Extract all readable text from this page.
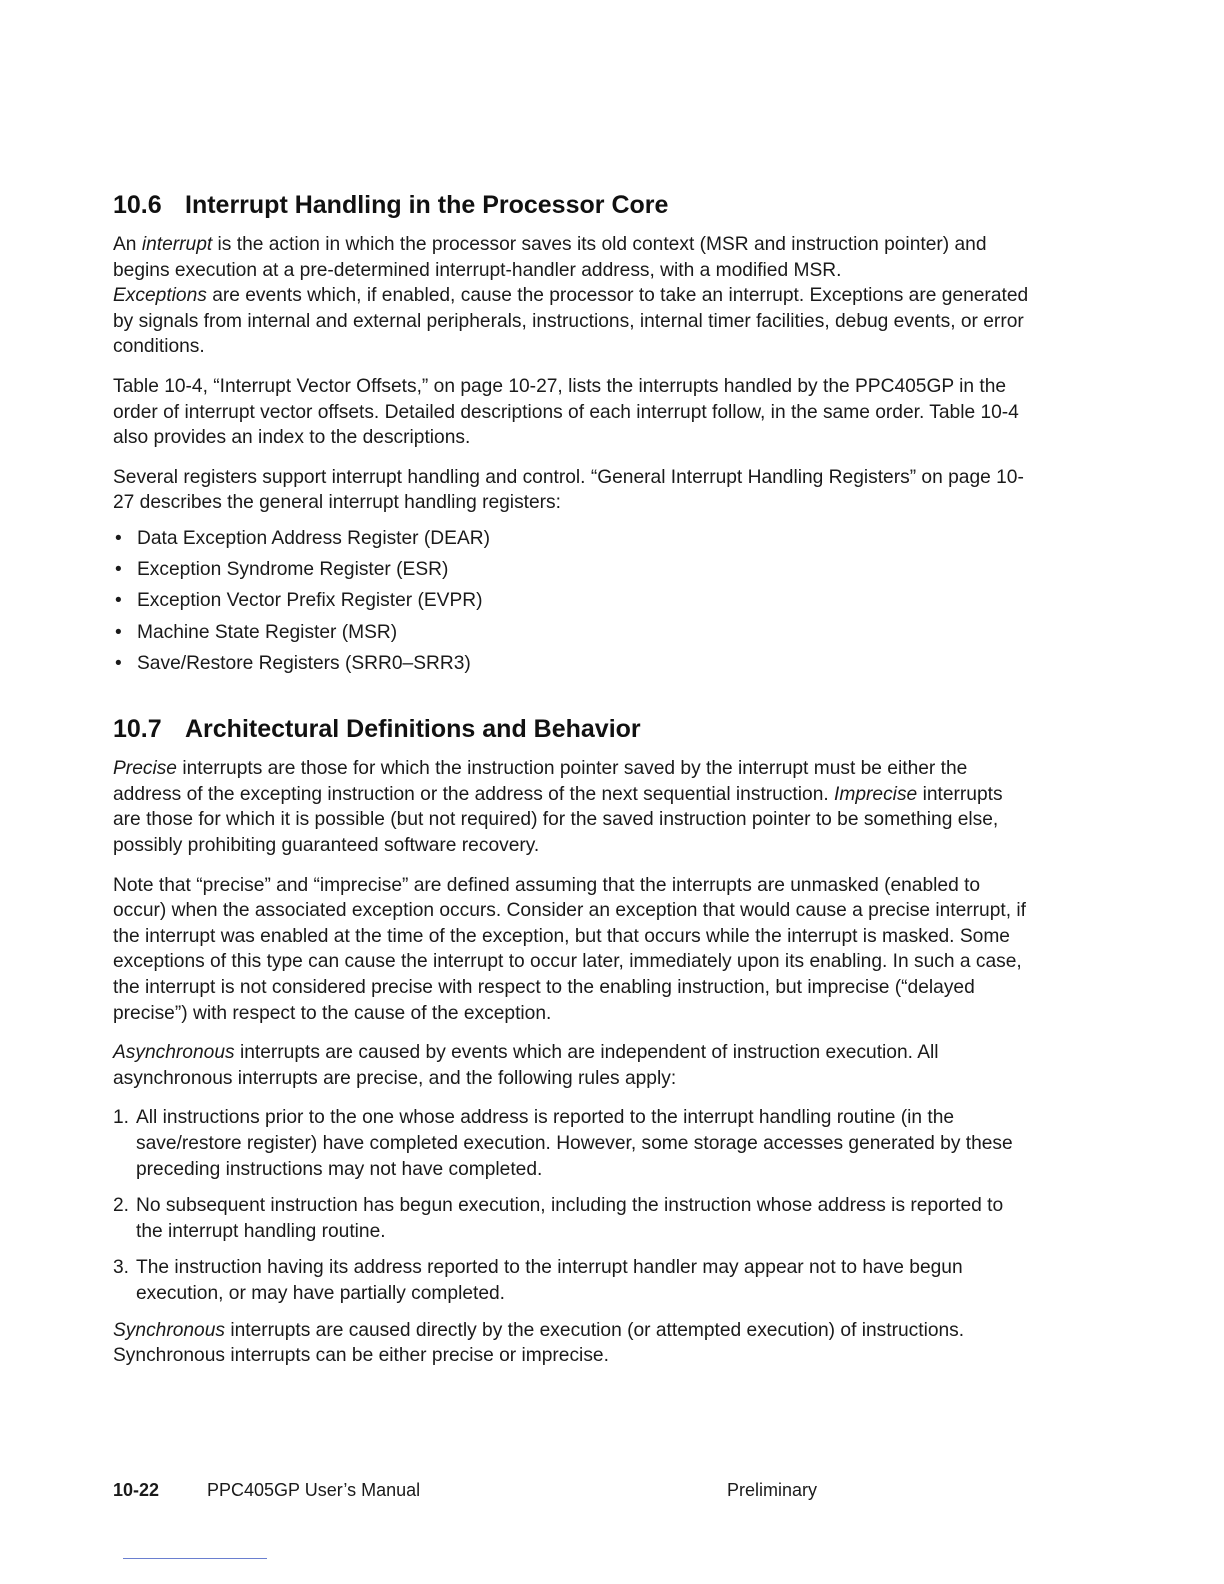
10.6 Interrupt Handling in the Processor Core

An interrupt is the action in which the processor saves its old context (MSR and instruction pointer) and begins execution at a pre-determined interrupt-handler address, with a modified MSR.
Exceptions are events which, if enabled, cause the processor to take an interrupt. Exceptions are generated by signals from internal and external peripherals, instructions, internal timer facilities, debug events, or error conditions.

Table 10-4, “Interrupt Vector Offsets,” on page 10-27, lists the interrupts handled by the PPC405GP in the order of interrupt vector offsets. Detailed descriptions of each interrupt follow, in the same order. Table 10-4 also provides an index to the descriptions.

Several registers support interrupt handling and control. “General Interrupt Handling Registers” on page 10-27 describes the general interrupt handling registers:

• Data Exception Address Register (DEAR)
• Exception Syndrome Register (ESR)
• Exception Vector Prefix Register (EVPR)
• Machine State Register (MSR)
• Save/Restore Registers (SRR0–SRR3)
10.7 Architectural Definitions and Behavior

Precise interrupts are those for which the instruction pointer saved by the interrupt must be either the address of the excepting instruction or the address of the next sequential instruction. Imprecise interrupts are those for which it is possible (but not required) for the saved instruction pointer to be something else, possibly prohibiting guaranteed software recovery.

Note that “precise” and “imprecise” are defined assuming that the interrupts are unmasked (enabled to occur) when the associated exception occurs. Consider an exception that would cause a precise interrupt, if the interrupt was enabled at the time of the exception, but that occurs while the interrupt is masked. Some exceptions of this type can cause the interrupt to occur later, immediately upon its enabling. In such a case, the interrupt is not considered precise with respect to the enabling instruction, but imprecise (“delayed precise”) with respect to the cause of the exception.

Asynchronous interrupts are caused by events which are independent of instruction execution. All asynchronous interrupts are precise, and the following rules apply:

1. All instructions prior to the one whose address is reported to the interrupt handling routine (in the save/restore register) have completed execution. However, some storage accesses generated by these preceding instructions may not have completed.
2. No subsequent instruction has begun execution, including the instruction whose address is reported to the interrupt handling routine.
3. The instruction having its address reported to the interrupt handler may appear not to have begun execution, or may have partially completed.

Synchronous interrupts are caused directly by the execution (or attempted execution) of instructions. Synchronous interrupts can be either precise or imprecise.

10-22	PPC405GP User’s Manual	Preliminary
